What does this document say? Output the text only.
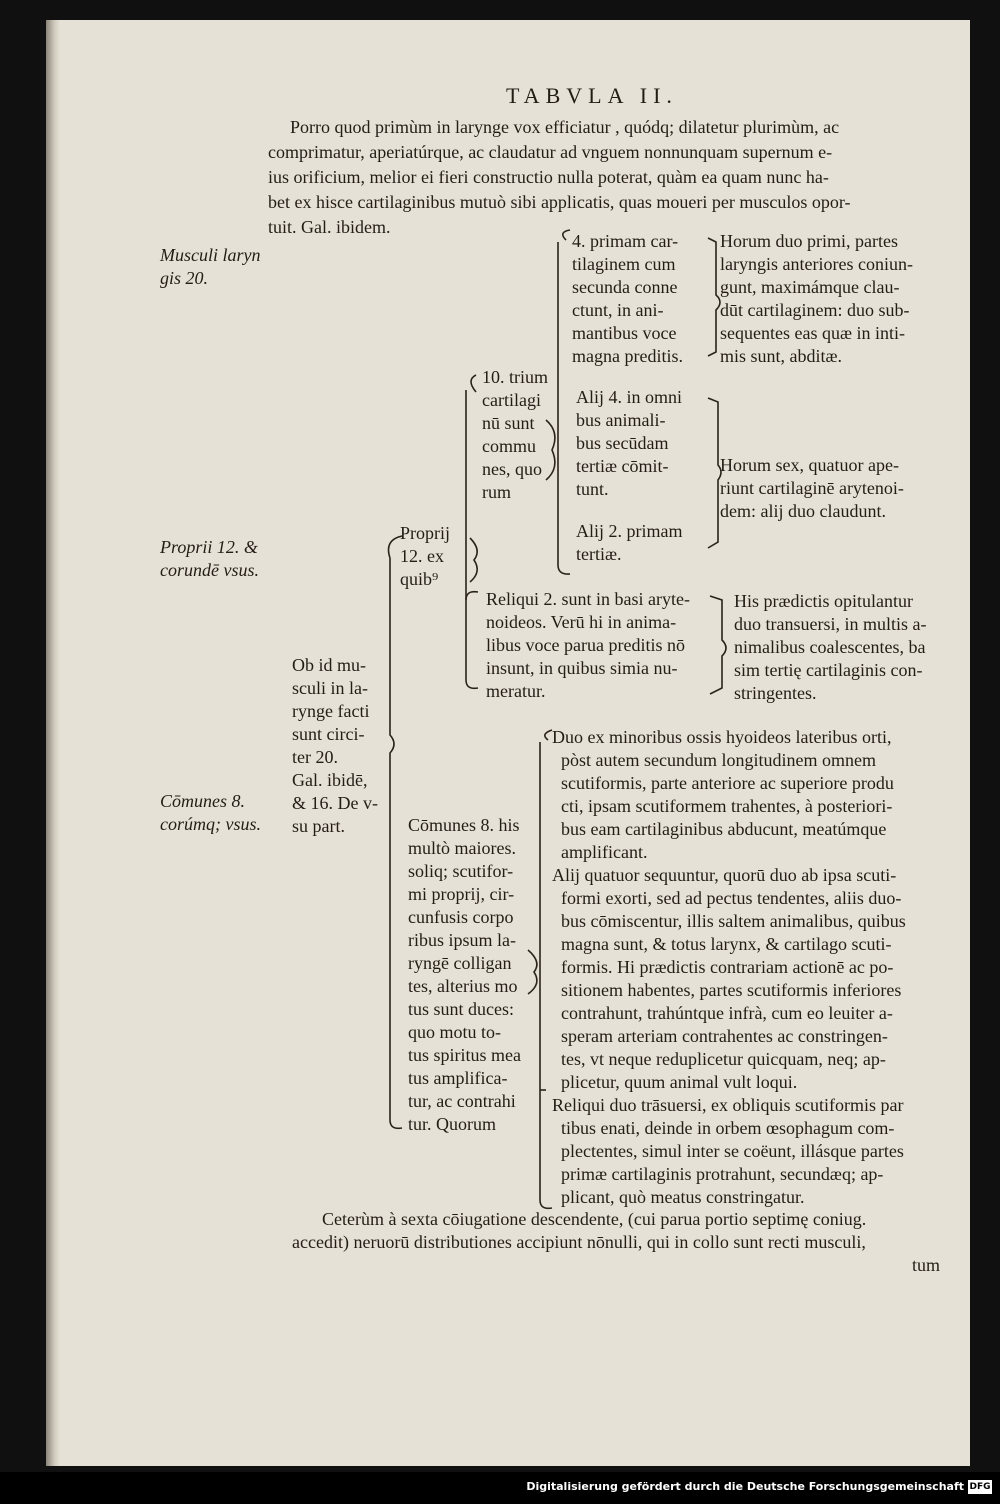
TABVLA II.
Porro quod primùm in larynge vox efficiatur , quódq; dilatetur plurimùm, ac
comprimatur, aperiatúrque, ac claudatur ad vnguem nonnunquam supernum e-
ius orificium, melior ei fieri constructio nulla poterat, quàm ea quam nunc ha-
bet ex hisce cartilaginibus mutuò sibi applicatis, quas moueri per musculos opor-
tuit. Gal. ibidem.
Musculi laryn
gis 20.
Proprii 12. &
corundē vsus.
Cōmunes 8.
corúmq; vsus.
Ob id mu-
sculi in la-
rynge facti
sunt circi-
ter 20.
Gal. ibidē,
& 16. De v-
su part.
Proprij
12. ex
quib⁹
10. trium
cartilagi
nū sunt
commu
nes, quo
rum
4. primam car-
tilaginem cum
secunda conne
ctunt, in ani-
mantibus voce
magna preditis.
Horum duo primi, partes
laryngis anteriores coniun-
gunt, maximámque clau-
dūt cartilaginem: duo sub-
sequentes eas quæ in inti-
mis sunt, abditæ.
Alij 4. in omni
bus animali-
bus secūdam
tertiæ cōmit-
tunt.
Alij 2. primam
tertiæ.
Horum sex, quatuor ape-
riunt cartilaginē arytenoi-
dem: alij duo claudunt.
Reliqui 2. sunt in basi aryte-
noideos. Verū hi in anima-
libus voce parua preditis nō
insunt, in quibus simia nu-
meratur.
His prædictis opitulantur
duo transuersi, in multis a-
nimalibus coalescentes, ba
sim tertię cartilaginis con-
stringentes.
Cōmunes 8. his
multò maiores.
soliq; scutifor-
mi proprij, cir-
cunfusis corpo
ribus ipsum la-
ryngē colligan
tes, alterius mo
tus sunt duces:
quo motu to-
tus spiritus mea
tus amplifica-
tur, ac contrahi
tur. Quorum
Duo ex minoribus ossis hyoideos lateribus orti,
pòst autem secundum longitudinem omnem
scutiformis, parte anteriore ac superiore produ
cti, ipsam scutiformem trahentes, à posteriori-
bus eam cartilaginibus abducunt, meatúmque
amplificant.
Alij quatuor sequuntur, quorū duo ab ipsa scuti-
formi exorti, sed ad pectus tendentes, aliis duo-
bus cōmiscentur, illis saltem animalibus, quibus
magna sunt, & totus larynx, & cartilago scuti-
formis. Hi prædictis contrariam actionē ac po-
sitionem habentes, partes scutiformis inferiores
contrahunt, trahúntque infrà, cum eo leuiter a-
speram arteriam contrahentes ac constringen-
tes, vt neque reduplicetur quicquam, neq; ap-
plicetur, quum animal vult loqui.
Reliqui duo trāsuersi, ex obliquis scutiformis par
tibus enati, deinde in orbem œsophagum com-
plectentes, simul inter se coëunt, illásque partes
primæ cartilaginis protrahunt, secundæq; ap-
plicant, quò meatus constringatur.
Ceterùm à sexta cōiugatione descendente, (cui parua portio septimę coniug.
accedit) neruorū distributiones accipiunt nōnulli, qui in collo sunt recti musculi,
tum
Digitalisierung gefördert durch die Deutsche Forschungsgemeinschaft DFG
